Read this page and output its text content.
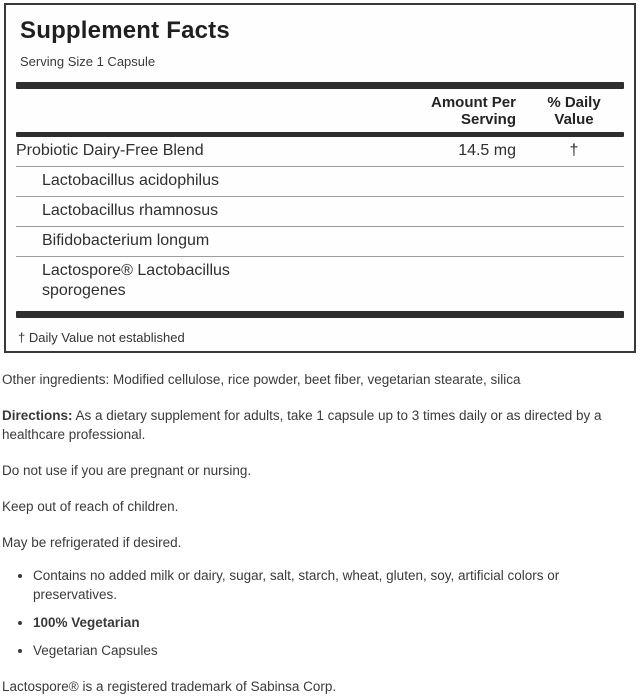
Supplement Facts
Serving Size 1 Capsule
Amount Per Serving
% Daily Value
Probiotic Dairy-Free Blend	14.5 mg	†
Lactobacillus acidophilus
Lactobacillus rhamnosus
Bifidobacterium longum
Lactospore® Lactobacillus sporogenes
† Daily Value not established

Other ingredients: Modified cellulose, rice powder, beet fiber, vegetarian stearate, silica

Directions: As a dietary supplement for adults, take 1 capsule up to 3 times daily or as directed by a healthcare professional.

Do not use if you are pregnant or nursing.

Keep out of reach of children.

May be refrigerated if desired.

• Contains no added milk or dairy, sugar, salt, starch, wheat, gluten, soy, artificial colors or preservatives.
• 100% Vegetarian
• Vegetarian Capsules

Lactospore® is a registered trademark of Sabinsa Corp.
